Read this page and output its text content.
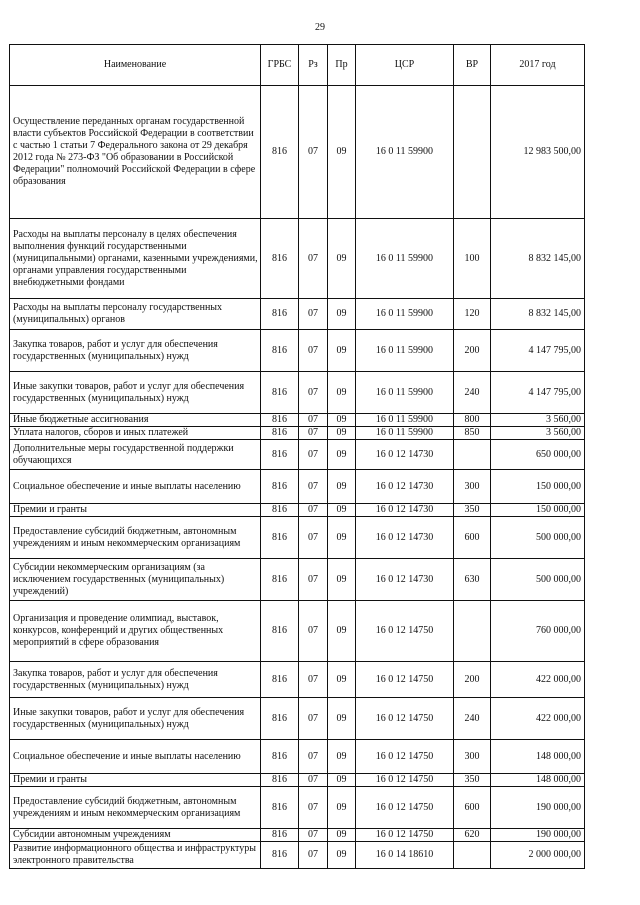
29
Наименование	ГРБС	Рз	Пр	ЦСР	ВР	2017 год
Осуществление переданных органам государственной власти субъектов Российской Федерации в соответствии с частью 1 статьи 7 Федерального закона от 29 декабря 2012 года № 273-ФЗ "Об образовании в Российской Федерации" полномочий Российской Федерации в сфере образования	816	07	09	16 0 11 59900		12 983 500,00
Расходы на выплаты персоналу в целях обеспечения выполнения функций государственными (муниципальными) органами, казенными учреждениями, органами управления государственными внебюджетными фондами	816	07	09	16 0 11 59900	100	8 832 145,00
Расходы на выплаты персоналу государственных (муниципальных) органов	816	07	09	16 0 11 59900	120	8 832 145,00
Закупка товаров, работ и услуг для обеспечения государственных (муниципальных) нужд	816	07	09	16 0 11 59900	200	4 147 795,00
Иные закупки товаров, работ и услуг для обеспечения государственных (муниципальных) нужд	816	07	09	16 0 11 59900	240	4 147 795,00
Иные бюджетные ассигнования	816	07	09	16 0 11 59900	800	3 560,00
Уплата налогов, сборов и иных платежей	816	07	09	16 0 11 59900	850	3 560,00
Дополнительные меры государственной поддержки обучающихся	816	07	09	16 0 12 14730		650 000,00
Социальное обеспечение и иные выплаты населению	816	07	09	16 0 12 14730	300	150 000,00
Премии и гранты	816	07	09	16 0 12 14730	350	150 000,00
Предоставление субсидий бюджетным, автономным учреждениям и иным некоммерческим организациям	816	07	09	16 0 12 14730	600	500 000,00
Субсидии некоммерческим организациям (за исключением государственных (муниципальных) учреждений)	816	07	09	16 0 12 14730	630	500 000,00
Организация и проведение олимпиад, выставок, конкурсов, конференций и других общественных мероприятий в сфере образования	816	07	09	16 0 12 14750		760 000,00
Закупка товаров, работ и услуг для обеспечения государственных (муниципальных) нужд	816	07	09	16 0 12 14750	200	422 000,00
Иные закупки товаров, работ и услуг для обеспечения государственных (муниципальных) нужд	816	07	09	16 0 12 14750	240	422 000,00
Социальное обеспечение и иные выплаты населению	816	07	09	16 0 12 14750	300	148 000,00
Премии и гранты	816	07	09	16 0 12 14750	350	148 000,00
Предоставление субсидий бюджетным, автономным учреждениям и иным некоммерческим организациям	816	07	09	16 0 12 14750	600	190 000,00
Субсидии автономным учреждениям	816	07	09	16 0 12 14750	620	190 000,00
Развитие информационного общества и инфраструктуры электронного правительства	816	07	09	16 0 14 18610		2 000 000,00
